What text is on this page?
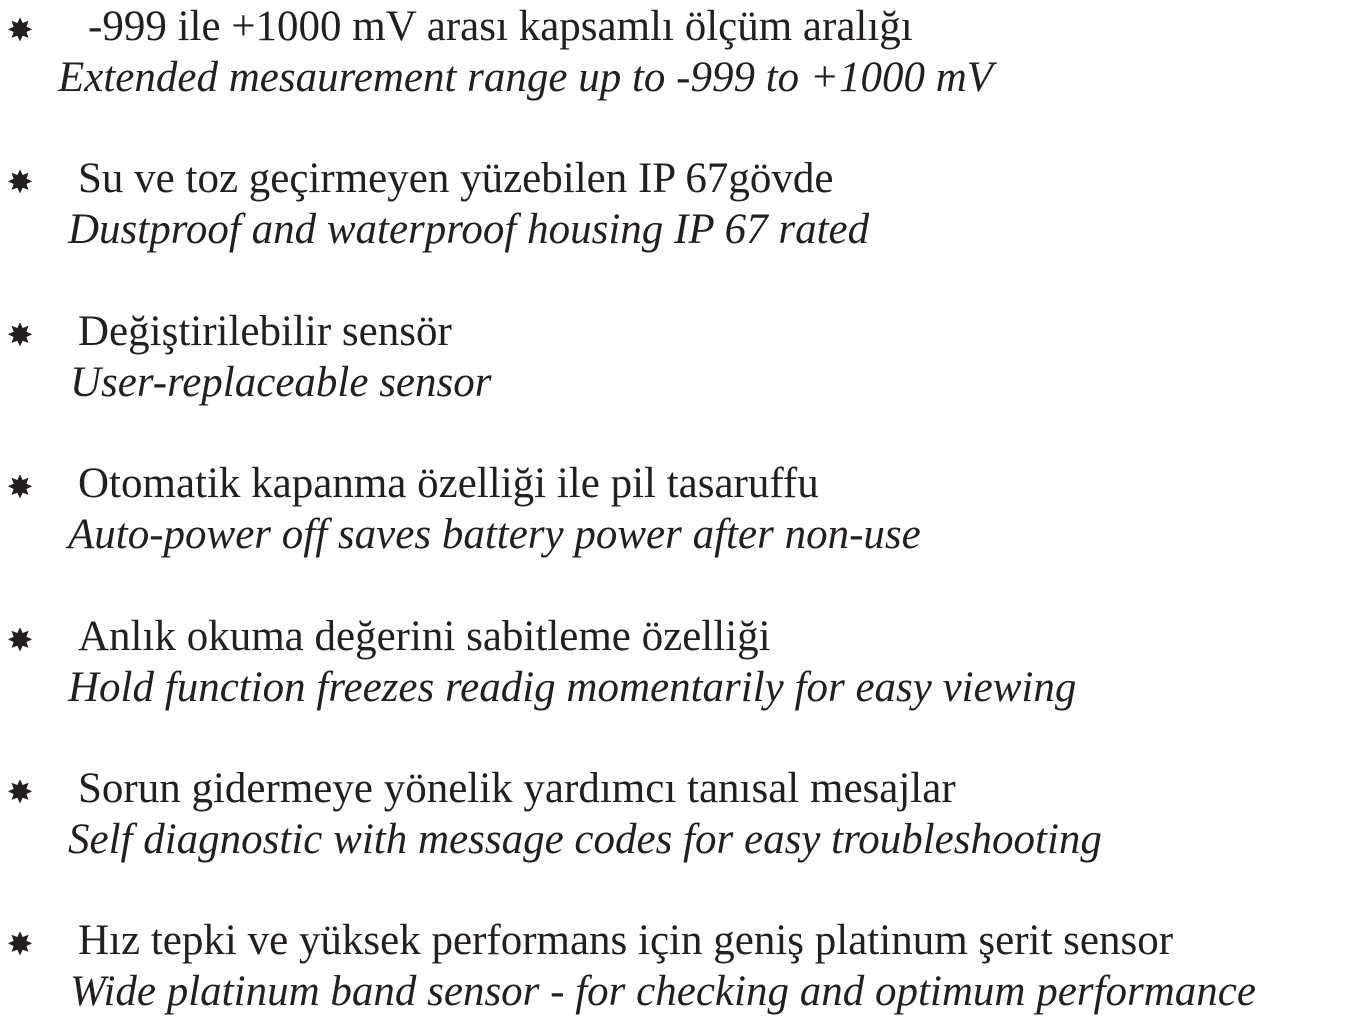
✸ -999 ile +1000 mV arası kapsamlı ölçüm aralığı
Extended mesaurement range up to -999 to +1000 mV
✸ Su ve toz geçirmeyen yüzebilen IP 67gövde
Dustproof and waterproof housing IP 67 rated
✸ Değiştirilebilir sensör
User-replaceable sensor
✸ Otomatik kapanma özelliği ile pil tasaruffu
Auto-power off saves battery power after non-use
✸ Anlık okuma değerini sabitleme özelliği
Hold function freezes readig momentarily for easy viewing
✸ Sorun gidermeye yönelik yardımcı tanısal mesajlar
Self diagnostic with message codes for easy troubleshooting
✸ Hız tepki ve yüksek performans için geniş platinum şerit sensor
Wide platinum band sensor - for checking and optimum performance
